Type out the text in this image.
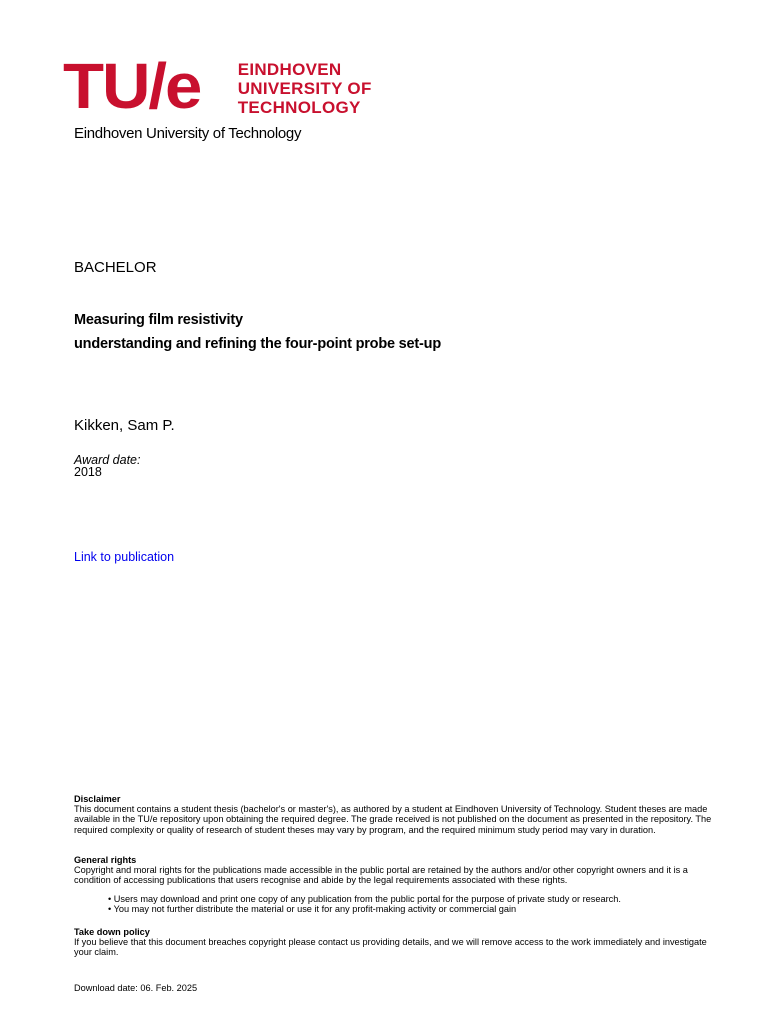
TU/e EINDHOVEN
UNIVERSITY OF
TECHNOLOGY
Eindhoven University of Technology
BACHELOR
Measuring film resistivity
understanding and refining the four-point probe set-up
Kikken, Sam P.
Award date:
2018
Link to publication
Disclaimer
This document contains a student thesis (bachelor's or master's), as authored by a student at Eindhoven University of Technology. Student theses are made available in the TU/e repository upon obtaining the required degree. The grade received is not published on the document as presented in the repository. The required complexity or quality of research of student theses may vary by program, and the required minimum study period may vary in duration.
General rights
Copyright and moral rights for the publications made accessible in the public portal are retained by the authors and/or other copyright owners and it is a condition of accessing publications that users recognise and abide by the legal requirements associated with these rights.
• Users may download and print one copy of any publication from the public portal for the purpose of private study or research.
• You may not further distribute the material or use it for any profit-making activity or commercial gain
Take down policy
If you believe that this document breaches copyright please contact us providing details, and we will remove access to the work immediately and investigate your claim.
Download date: 06. Feb. 2025
